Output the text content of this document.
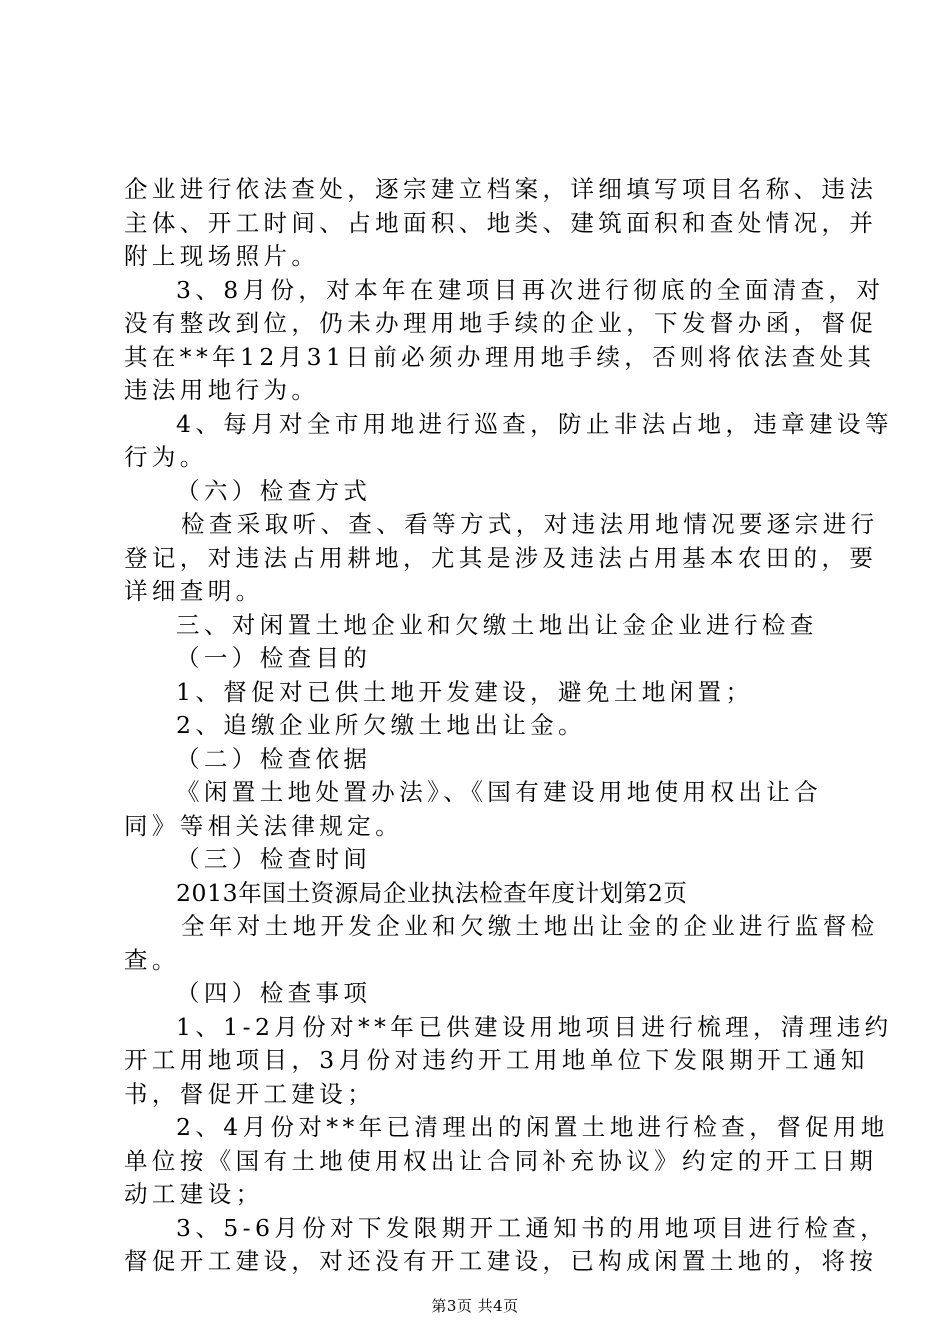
企业进行依法查处，逐宗建立档案，详细填写项目名称、违法
主体、开工时间、占地面积、地类、建筑面积和查处情况，并
附上现场照片。
3、8月份，对本年在建项目再次进行彻底的全面清查，对
没有整改到位，仍未办理用地手续的企业，下发督办函，督促
其在**年12月31日前必须办理用地手续，否则将依法查处其
违法用地行为。
4、每月对全市用地进行巡查，防止非法占地，违章建设等
行为。
（六）检查方式
检查采取听、查、看等方式，对违法用地情况要逐宗进行
登记，对违法占用耕地，尤其是涉及违法占用基本农田的，要
详细查明。
三、对闲置土地企业和欠缴土地出让金企业进行检查
（一）检查目的
1、督促对已供土地开发建设，避免土地闲置；
2、追缴企业所欠缴土地出让金。
（二）检查依据
《闲置土地处置办法》、《国有建设用地使用权出让合
同》等相关法律规定。
（三）检查时间
2013年国土资源局企业执法检查年度计划第2页
全年对土地开发企业和欠缴土地出让金的企业进行监督检
查。
（四）检查事项
1、1-2月份对**年已供建设用地项目进行梳理，清理违约
开工用地项目，3月份对违约开工用地单位下发限期开工通知
书，督促开工建设；
2、4月份对**年已清理出的闲置土地进行检查，督促用地
单位按《国有土地使用权出让合同补充协议》约定的开工日期
动工建设；
3、5-6月份对下发限期开工通知书的用地项目进行检查，
督促开工建设，对还没有开工建设，已构成闲置土地的，将按
第3页 共4页
